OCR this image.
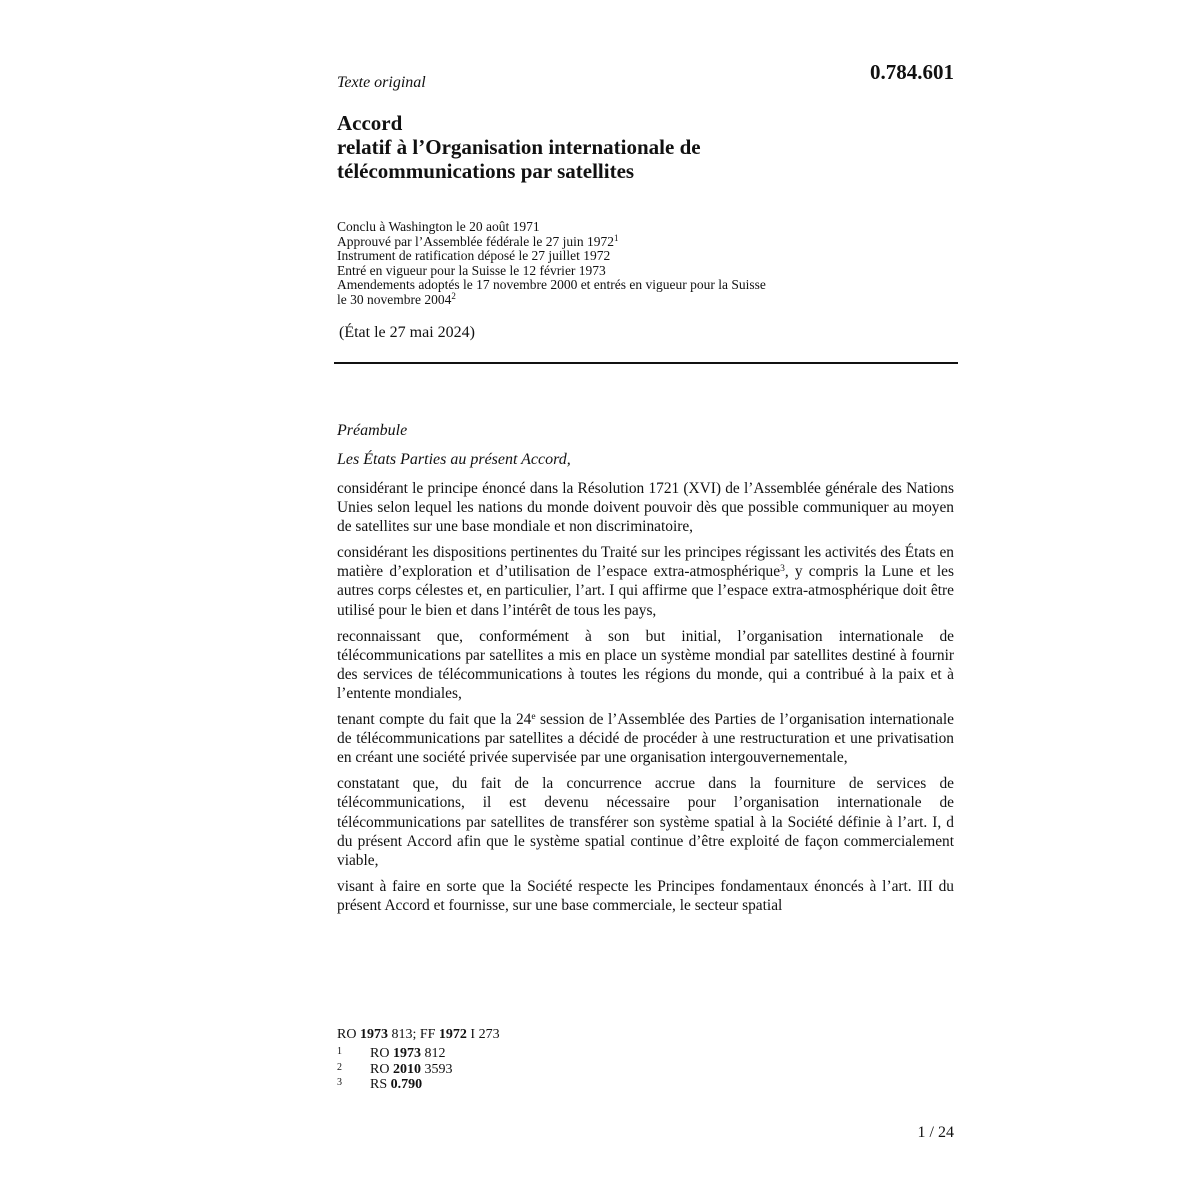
0.784.601
Texte original
Accord
relatif à l’Organisation internationale de
télécommunications par satellites
Conclu à Washington le 20 août 1971
Approuvé par l’Assemblée fédérale le 27 juin 1972$^1$
Instrument de ratification déposé le 27 juillet 1972
Entré en vigueur pour la Suisse le 12 février 1973
Amendements adoptés le 17 novembre 2000 et entrés en vigueur pour la Suisse
le 30 novembre 2004$^2$
(État le 27 mai 2024)
Préambule
Les États Parties au présent Accord,

considérant le principe énoncé dans la Résolution 1721 (XVI) de l’Assemblée générale des Nations Unies selon lequel les nations du monde doivent pouvoir dès que possible communiquer au moyen de satellites sur une base mondiale et non discriminatoire,

considérant les dispositions pertinentes du Traité sur les principes régissant les activités des États en matière d’exploration et d’utilisation de l’espace extra-atmosphérique$^3$, y compris la Lune et les autres corps célestes et, en particulier, l’art. I qui affirme que l’espace extra-atmosphérique doit être utilisé pour le bien et dans l’intérêt de tous les pays,

reconnaissant que, conformément à son but initial, l’organisation internationale de télécommunications par satellites a mis en place un système mondial par satellites destiné à fournir des services de télécommunications à toutes les régions du monde, qui a contribué à la paix et à l’entente mondiales,

tenant compte du fait que la 24e session de l’Assemblée des Parties de l’organisation internationale de télécommunications par satellites a décidé de procéder à une restructuration et une privatisation en créant une société privée supervisée par une organisation intergouvernementale,

constatant que, du fait de la concurrence accrue dans la fourniture de services de télécommunications, il est devenu nécessaire pour l’organisation internationale de télécommunications par satellites de transférer son système spatial à la Société définie à l’art. I, d du présent Accord afin que le système spatial continue d’être exploité de façon commercialement viable,

visant à faire en sorte que la Société respecte les Principes fondamentaux énoncés à l’art. III du présent Accord et fournisse, sur une base commerciale, le secteur spatial

RO 1973 813; FF 1972 I 273
1	RO 1973 812
2	RO 2010 3593
3	RS 0.790
1 / 24
